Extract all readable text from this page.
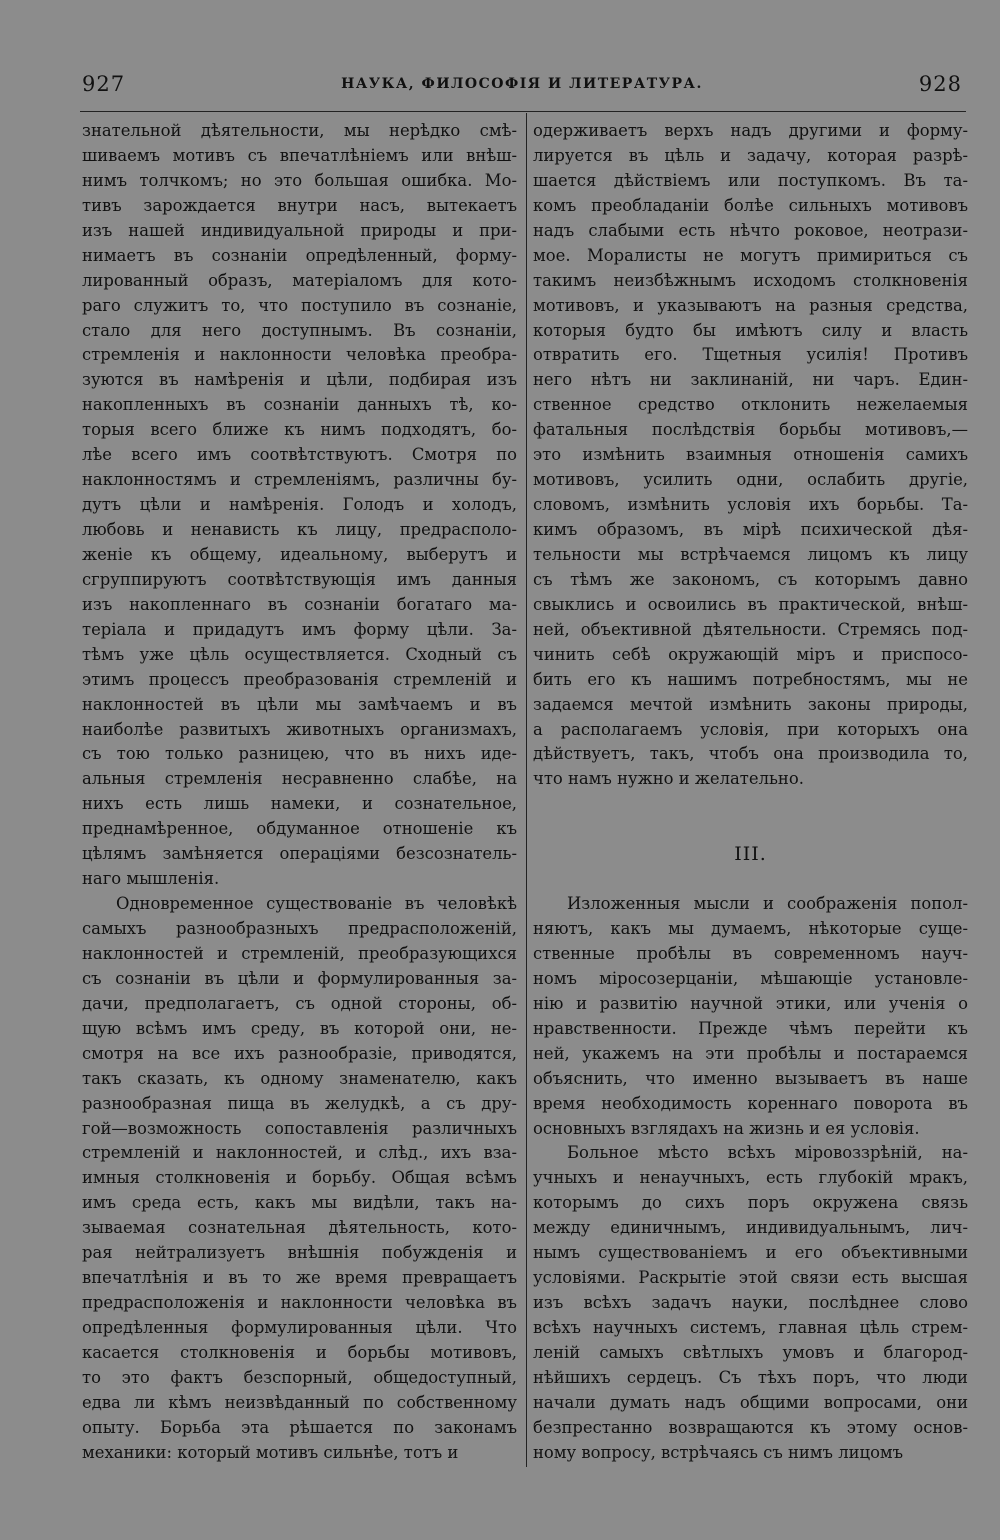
927	НАУКА, ФИЛОСОФІЯ И ЛИТЕРАТУРА.	928
знательной дѣятельности, мы нерѣдко смѣ-
шиваемъ мотивъ съ впечатлѣніемъ или внѣш-
нимъ толчкомъ; но это большая ошибка. Мо-
тивъ зарождается внутри насъ, вытекаетъ
изъ нашей индивидуальной природы и при-
нимаетъ въ сознаніи опредѣленный, форму-
лированный образъ, матеріаломъ для кото-
раго служитъ то, что поступило въ сознаніе,
стало для него доступнымъ. Въ сознаніи,
стремленія и наклонности человѣка преобра-
зуются въ намѣренія и цѣли, подбирая изъ
накопленныхъ въ сознаніи данныхъ тѣ, ко-
торыя всего ближе къ нимъ подходятъ, бо-
лѣе всего имъ соотвѣтствуютъ. Смотря по
наклонностямъ и стремленіямъ, различны бу-
дутъ цѣли и намѣренія. Голодъ и холодъ,
любовь и ненависть къ лицу, предрасполо-
женіе къ общему, идеальному, выберутъ и
сгруппируютъ соотвѣтствующія имъ данныя
изъ накопленнаго въ сознаніи богатаго ма-
теріала и придадутъ имъ форму цѣли. За-
тѣмъ уже цѣль осуществляется. Сходный съ
этимъ процессъ преобразованія стремленій и
наклонностей въ цѣли мы замѣчаемъ и въ
наиболѣе развитыхъ животныхъ организмахъ,
съ тою только разницею, что въ нихъ иде-
альныя стремленія несравненно слабѣе, на
нихъ есть лишь намеки, и сознательное,
преднамѣренное, обдуманное отношеніе къ
цѣлямъ замѣняется операціями безсознатель-
наго мышленія.
Одновременное существованіе въ человѣкѣ
самыхъ разнообразныхъ предрасположеній,
наклонностей и стремленій, преобразующихся
съ сознаніи въ цѣли и формулированныя за-
дачи, предполагаетъ, съ одной стороны, об-
щую всѣмъ имъ среду, въ которой они, не-
смотря на все ихъ разнообразіе, приводятся,
такъ сказать, къ одному знаменателю, какъ
разнообразная пища въ желудкѣ, а съ дру-
гой—возможность сопоставленія различныхъ
стремленій и наклонностей, и слѣд., ихъ вза-
имныя столкновенія и борьбу. Общая всѣмъ
имъ среда есть, какъ мы видѣли, такъ на-
зываемая сознательная дѣятельность, кото-
рая нейтрализуетъ внѣшнія побужденія и
впечатлѣнія и въ то же время превращаетъ
предрасположенія и наклонности человѣка въ
опредѣленныя формулированныя цѣли. Что
касается столкновенія и борьбы мотивовъ,
то это фактъ безспорный, общедоступный,
едва ли кѣмъ неизвѣданный по собственному
опыту. Борьба эта рѣшается по законамъ
механики: который мотивъ сильнѣе, тотъ и
одерживаетъ верхъ надъ другими и форму-
лируется въ цѣль и задачу, которая разрѣ-
шается дѣйствіемъ или поступкомъ. Въ та-
комъ преобладаніи болѣе сильныхъ мотивовъ
надъ слабыми есть нѣчто роковое, неотрази-
мое. Моралисты не могутъ примириться съ
такимъ неизбѣжнымъ исходомъ столкновенія
мотивовъ, и указываютъ на разныя средства,
которыя будто бы имѣютъ силу и власть
отвратить его. Тщетныя усилія! Противъ
него нѣтъ ни заклинаній, ни чаръ. Един-
ственное средство отклонить нежелаемыя
фатальныя послѣдствія борьбы мотивовъ,—
это измѣнить взаимныя отношенія самихъ
мотивовъ, усилить одни, ослабить другіе,
словомъ, измѣнить условія ихъ борьбы. Та-
кимъ образомъ, въ мірѣ психической дѣя-
тельности мы встрѣчаемся лицомъ къ лицу
съ тѣмъ же закономъ, съ которымъ давно
свыклись и освоились въ практической, внѣш-
ней, объективной дѣятельности. Стремясь под-
чинить себѣ окружающій міръ и приспосо-
бить его къ нашимъ потребностямъ, мы не
задаемся мечтой измѣнить законы природы,
а располагаемъ условія, при которыхъ она
дѣйствуетъ, такъ, чтобъ она производила то,
что намъ нужно и желательно.
III.
Изложенныя мысли и соображенія попол-
няютъ, какъ мы думаемъ, нѣкоторые суще-
ственные пробѣлы въ современномъ науч-
номъ міросозерцаніи, мѣшающіе установле-
нію и развитію научной этики, или ученія о
нравственности. Прежде чѣмъ перейти къ
ней, укажемъ на эти пробѣлы и постараемся
объяснить, что именно вызываетъ въ наше
время необходимость кореннаго поворота въ
основныхъ взглядахъ на жизнь и ея условія.
Больное мѣсто всѣхъ міровоззрѣній, на-
учныхъ и ненаучныхъ, есть глубокій мракъ,
которымъ до сихъ поръ окружена связь
между единичнымъ, индивидуальнымъ, лич-
нымъ существованіемъ и его объективными
условіями. Раскрытіе этой связи есть высшая
изъ всѣхъ задачъ науки, послѣднее слово
всѣхъ научныхъ системъ, главная цѣль стрем-
леній самыхъ свѣтлыхъ умовъ и благород-
нѣйшихъ сердецъ. Съ тѣхъ поръ, что люди
начали думать надъ общими вопросами, они
безпрестанно возвращаются къ этому основ-
ному вопросу, встрѣчаясь съ нимъ лицомъ
